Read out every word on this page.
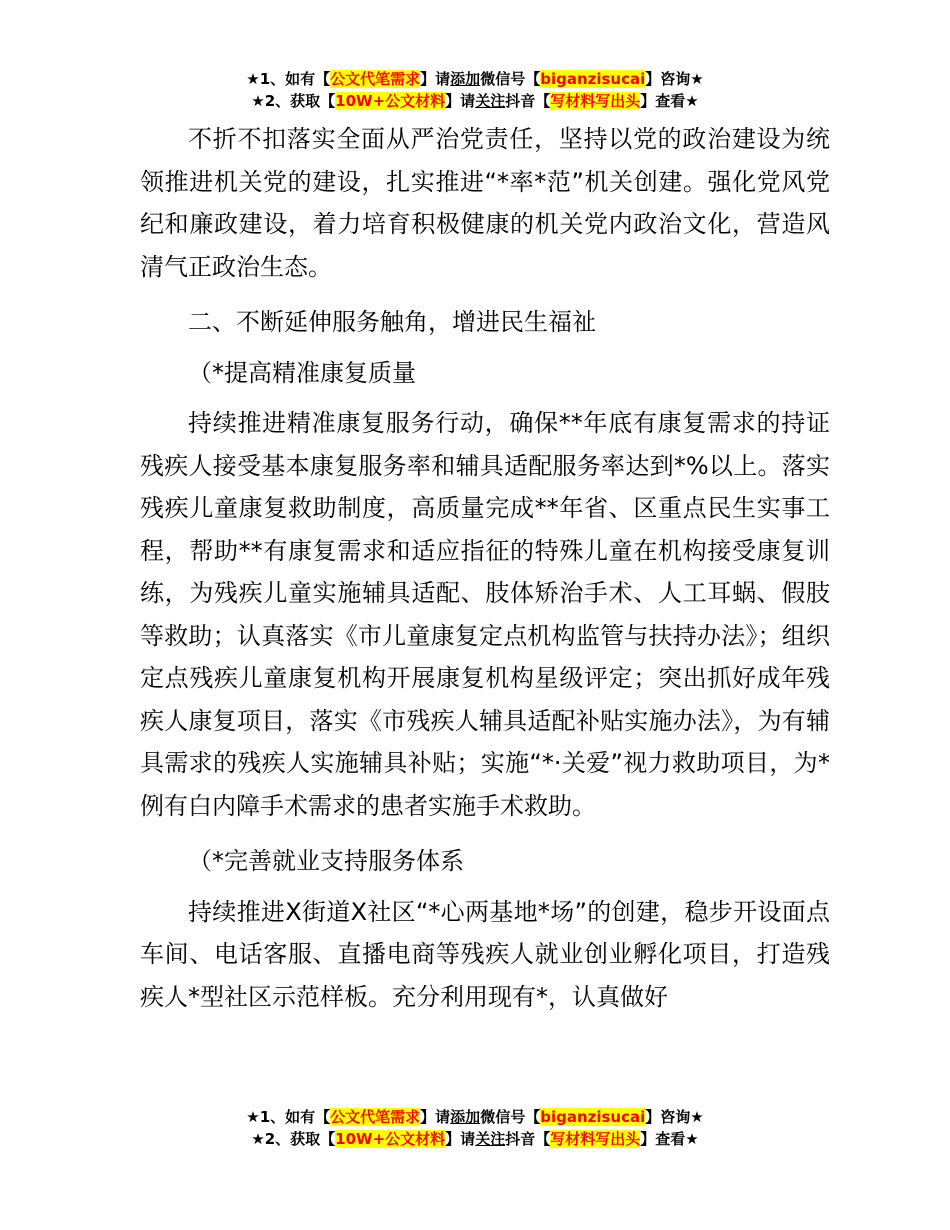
★1、如有【公文代笔需求】请添加微信号【biganzisucai】咨询★
★2、获取【10W+公文材料】请关注抖音【写材料写出头】查看★

不折不扣落实全面从严治党责任，坚持以党的政治建设为统领推进机关党的建设，扎实推进“*率*范”机关创建。强化党风党纪和廉政建设，着力培育积极健康的机关党内政治文化，营造风清气正政治生态。

二、不断延伸服务触角，增进民生福祉

（*提高精准康复质量

持续推进精准康复服务行动，确保**年底有康复需求的持证残疾人接受基本康复服务率和辅具适配服务率达到*%以上。落实残疾儿童康复救助制度，高质量完成**年省、区重点民生实事工程，帮助**有康复需求和适应指征的特殊儿童在机构接受康复训练，为残疾儿童实施辅具适配、肢体矫治手术、人工耳蜗、假肢等救助；认真落实《市儿童康复定点机构监管与扶持办法》；组织定点残疾儿童康复机构开展康复机构星级评定；突出抓好成年残疾人康复项目，落实《市残疾人辅具适配补贴实施办法》，为有辅具需求的残疾人实施辅具补贴；实施“*·关爱”视力救助项目，为*例有白内障手术需求的患者实施手术救助。

（*完善就业支持服务体系

持续推进X街道X社区“*心两基地*场”的创建，稳步开设面点车间、电话客服、直播电商等残疾人就业创业孵化项目，打造残疾人*型社区示范样板。充分利用现有*，认真做好

★1、如有【公文代笔需求】请添加微信号【biganzisucai】咨询★
★2、获取【10W+公文材料】请关注抖音【写材料写出头】查看★
